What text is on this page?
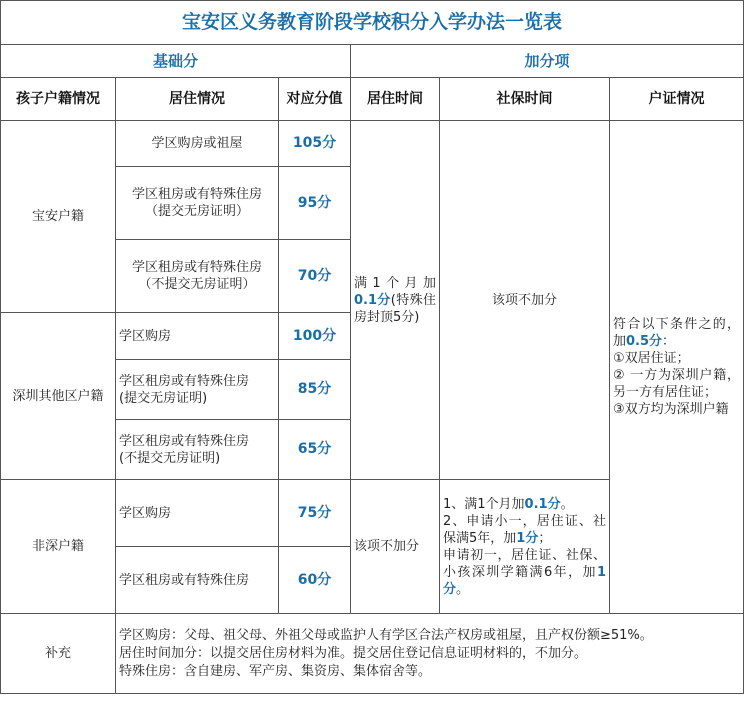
宝安区义务教育阶段学校积分入学办法一览表					
基础分			加分项		
孩子户籍情况	居住情况	对应分值	居住时间	社保时间	户证情况
宝安户籍	学区购房或祖屋	105分	满1个月加0.1分(特殊住房封顶5分)	该项不加分	符合以下条件之的，加0.5分：
①双居住证；
② 一方为深圳户籍，另一方有居住证；
③双方均为深圳户籍
	学区租房或有特殊住房
（提交无房证明）	95分			
	学区租房或有特殊住房
（不提交无房证明）	70分			
深圳其他区户籍	学区购房	100分			
	学区租房或有特殊住房
(提交无房证明)	85分			
	学区租房或有特殊住房
(不提交无房证明)	65分			
非深户籍	学区购房	75分	该项不加分	1、满1个月加0.1分。
2、申请小一，居住证、社保满5年，加1分；
申请初一，居住证、社保、小孩深圳学籍满6年，加1分。	
	学区租房或有特殊住房	60分			
补充	学区购房：父母、祖父母、外祖父母或监护人有学区合法产权房或祖屋，且产权份额≥51%。
居住时间加分：以提交居住房材料为准。提交居住登记信息证明材料的，不加分。
特殊住房：含自建房、军产房、集资房、集体宿舍等。				
